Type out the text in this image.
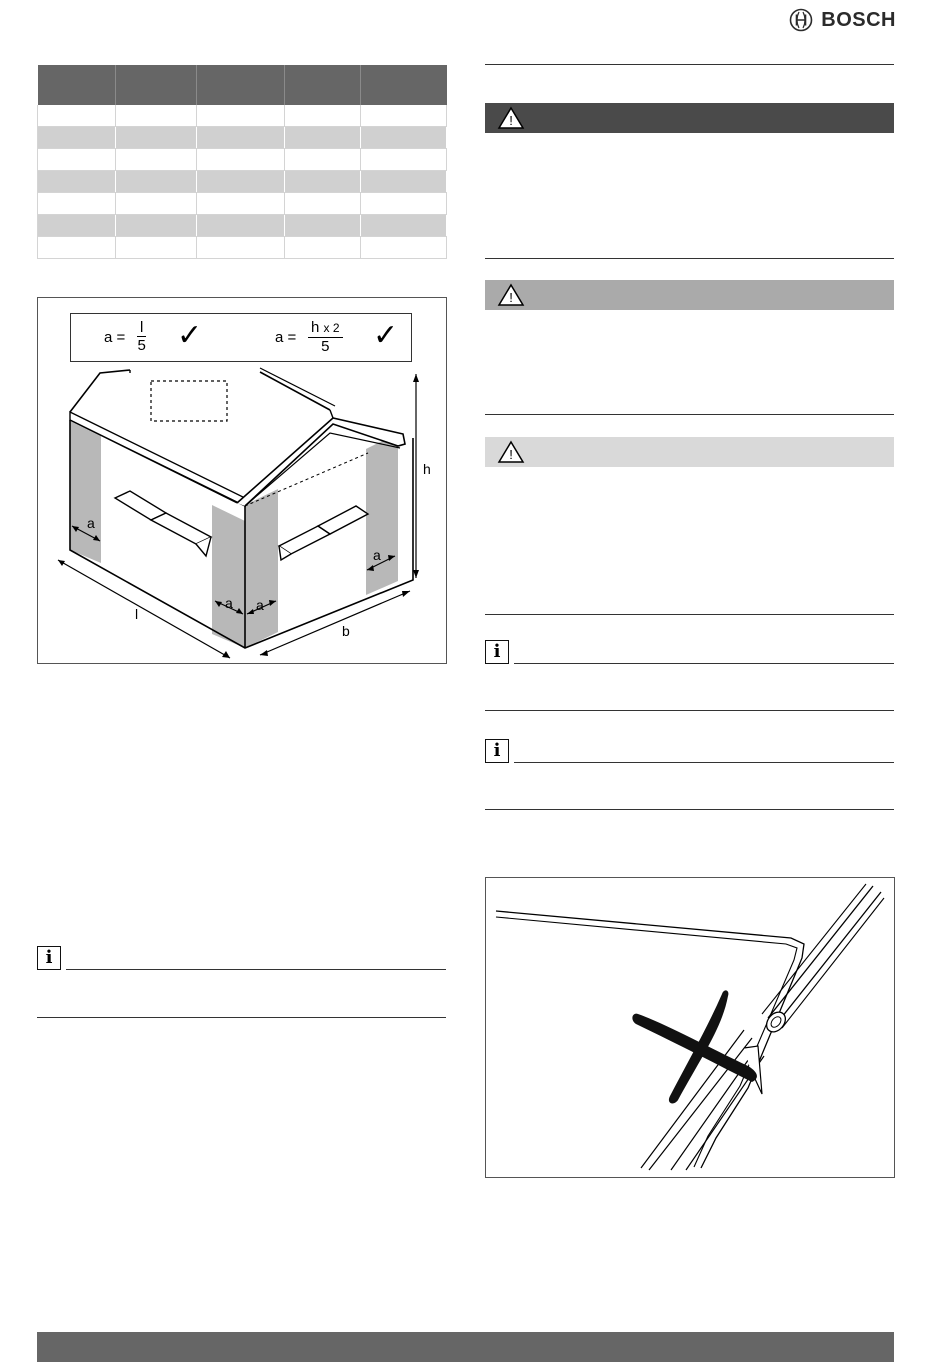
BOSCH

a
a a
a
l
b
h
$a = \frac{l}{5}$ ✓	$a = \frac{\text{h x 2}}{5}$ ✓
i
!
!
!
i
i
